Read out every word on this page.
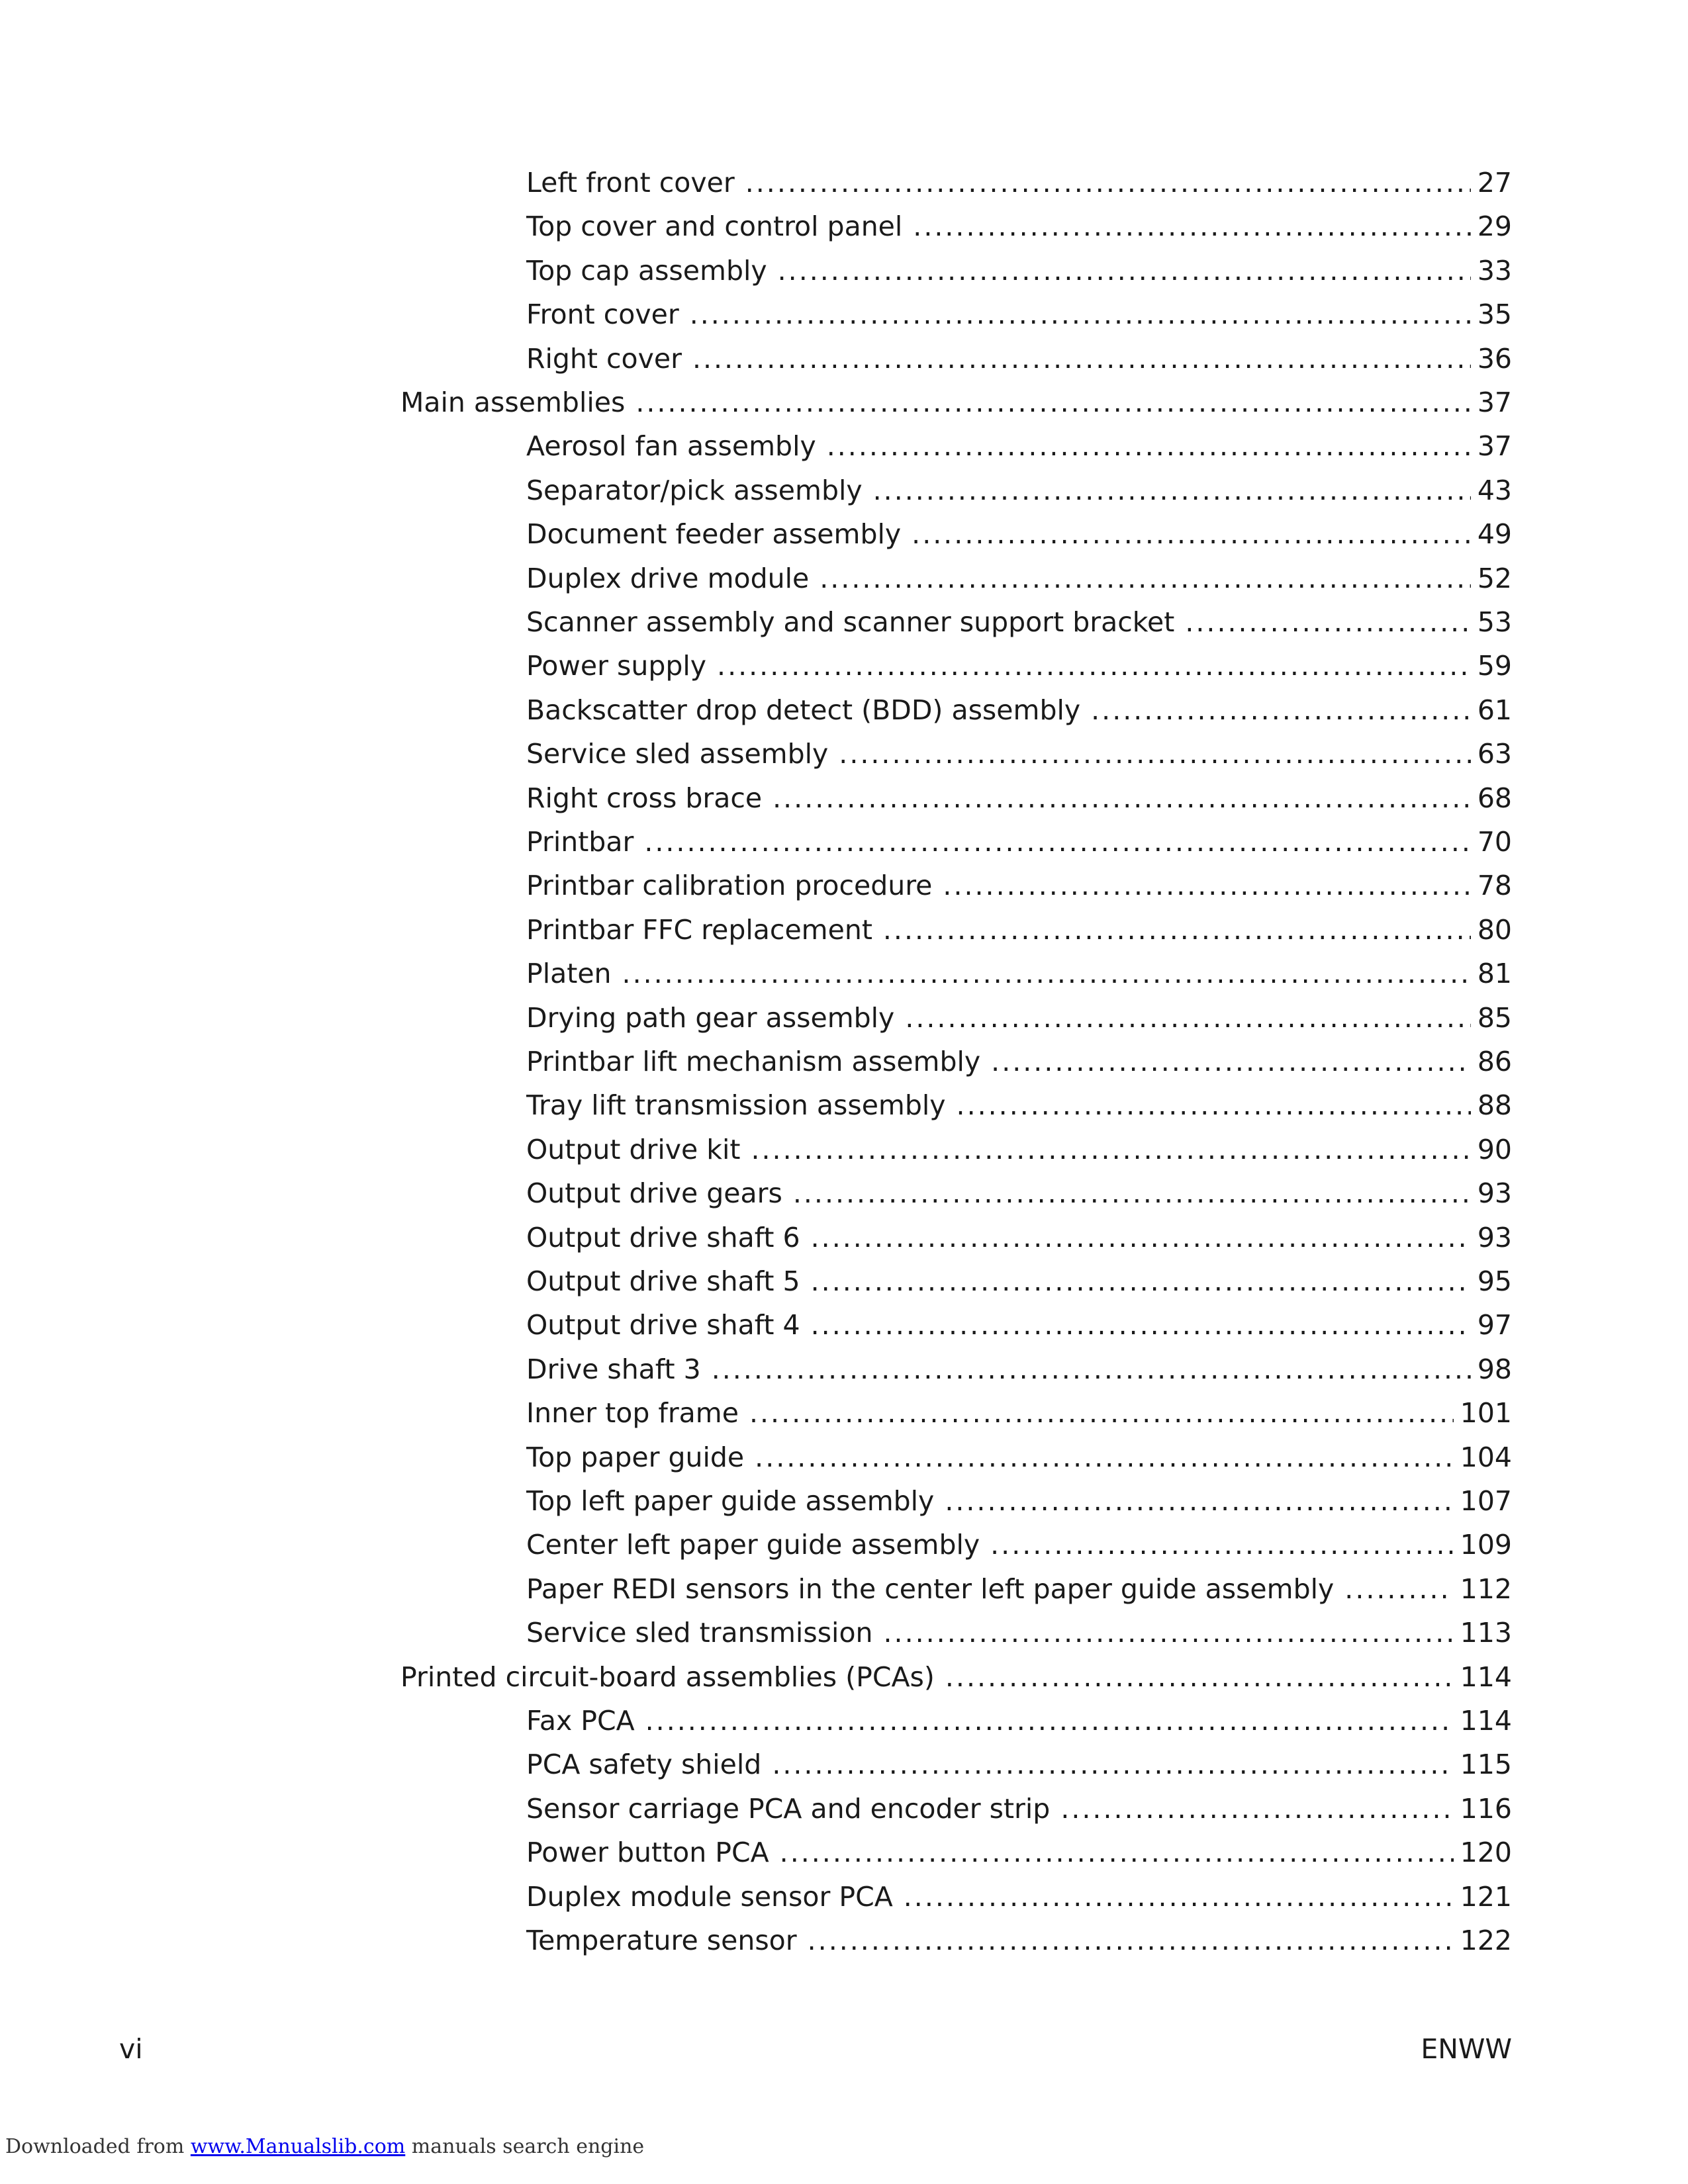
Left front cover .....	27
Top cover and control panel .....	29
Top cap assembly .....	33
Front cover .....	35
Right cover .....	36
Main assemblies .....	37
Aerosol fan assembly .....	37
Separator/pick assembly .....	43
Document feeder assembly .....	49
Duplex drive module .....	52
Scanner assembly and scanner support bracket .....	53
Power supply .....	59
Backscatter drop detect (BDD) assembly .....	61
Service sled assembly .....	63
Right cross brace .....	68
Printbar .....	70
Printbar calibration procedure .....	78
Printbar FFC replacement .....	80
Platen .....	81
Drying path gear assembly .....	85
Printbar lift mechanism assembly .....	86
Tray lift transmission assembly .....	88
Output drive kit .....	90
Output drive gears .....	93
Output drive shaft 6 .....	93
Output drive shaft 5 .....	95
Output drive shaft 4 .....	97
Drive shaft 3 .....	98
Inner top frame .....	101
Top paper guide .....	104
Top left paper guide assembly .....	107
Center left paper guide assembly .....	109
Paper REDI sensors in the center left paper guide assembly .....	112
Service sled transmission .....	113
Printed circuit-board assemblies (PCAs) .....	114
Fax PCA .....	114
PCA safety shield .....	115
Sensor carriage PCA and encoder strip .....	116
Power button PCA .....	120
Duplex module sensor PCA .....	121
Temperature sensor .....	122
vi	ENWW
Downloaded from www.Manualslib.com manuals search engine
